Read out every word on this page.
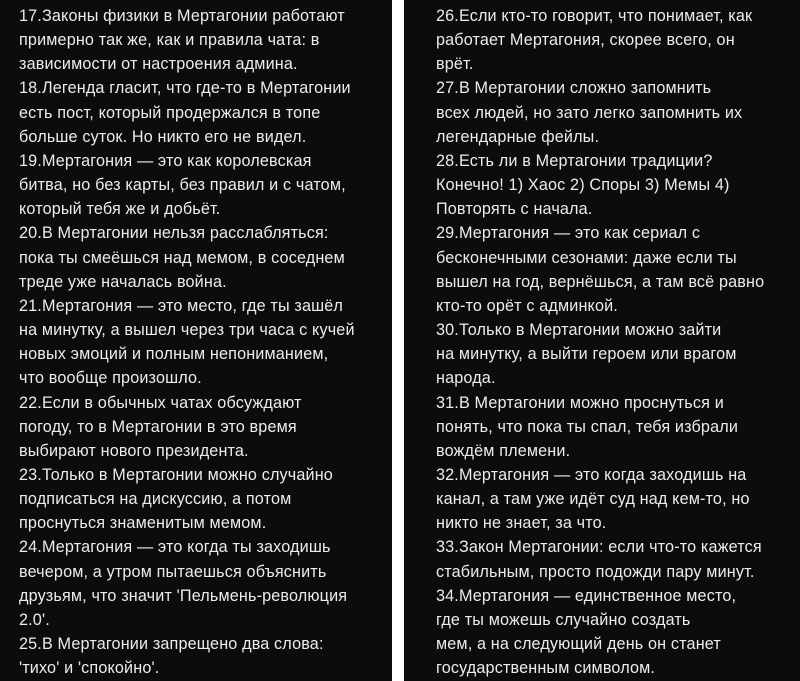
17.Законы физики в Мертагонии работают
примерно так же, как и правила чата: в
зависимости от настроения админа.
18.Легенда гласит, что где-то в Мертагонии
есть пост, который продержался в топе
больше суток. Но никто его не видел.
19.Мертагония — это как королевская
битва, но без карты, без правил и с чатом,
который тебя же и добьёт.
20.В Мертагонии нельзя расслабляться:
пока ты смеёшься над мемом, в соседнем
треде уже началась война.
21.Мертагония — это место, где ты зашёл
на минутку, а вышел через три часа с кучей
новых эмоций и полным непониманием,
что вообще произошло.
22.Если в обычных чатах обсуждают
погоду, то в Мертагонии в это время
выбирают нового президента.
23.Только в Мертагонии можно случайно
подписаться на дискуссию, а потом
проснуться знаменитым мемом.
24.Мертагония — это когда ты заходишь
вечером, а утром пытаешься объяснить
друзьям, что значит 'Пельмень-революция
2.0'.
25.В Мертагонии запрещено два слова:
'тихо' и 'спокойно'.
26.Если кто-то говорит, что понимает, как
работает Мертагония, скорее всего, он
врёт.
27.В Мертагонии сложно запомнить
всех людей, но зато легко запомнить их
легендарные фейлы.
28.Есть ли в Мертагонии традиции?
Конечно! 1) Хаос 2) Споры 3) Мемы 4)
Повторять с начала.
29.Мертагония — это как сериал с
бесконечными сезонами: даже если ты
вышел на год, вернёшься, а там всё равно
кто-то орёт с админкой.
30.Только в Мертагонии можно зайти
на минутку, а выйти героем или врагом
народа.
31.В Мертагонии можно проснуться и
понять, что пока ты спал, тебя избрали
вождём племени.
32.Мертагония — это когда заходишь на
канал, а там уже идёт суд над кем-то, но
никто не знает, за что.
33.Закон Мертагонии: если что-то кажется
стабильным, просто подожди пару минут.
34.Мертагония — единственное место,
где ты можешь случайно создать
мем, а на следующий день он станет
государственным символом.
